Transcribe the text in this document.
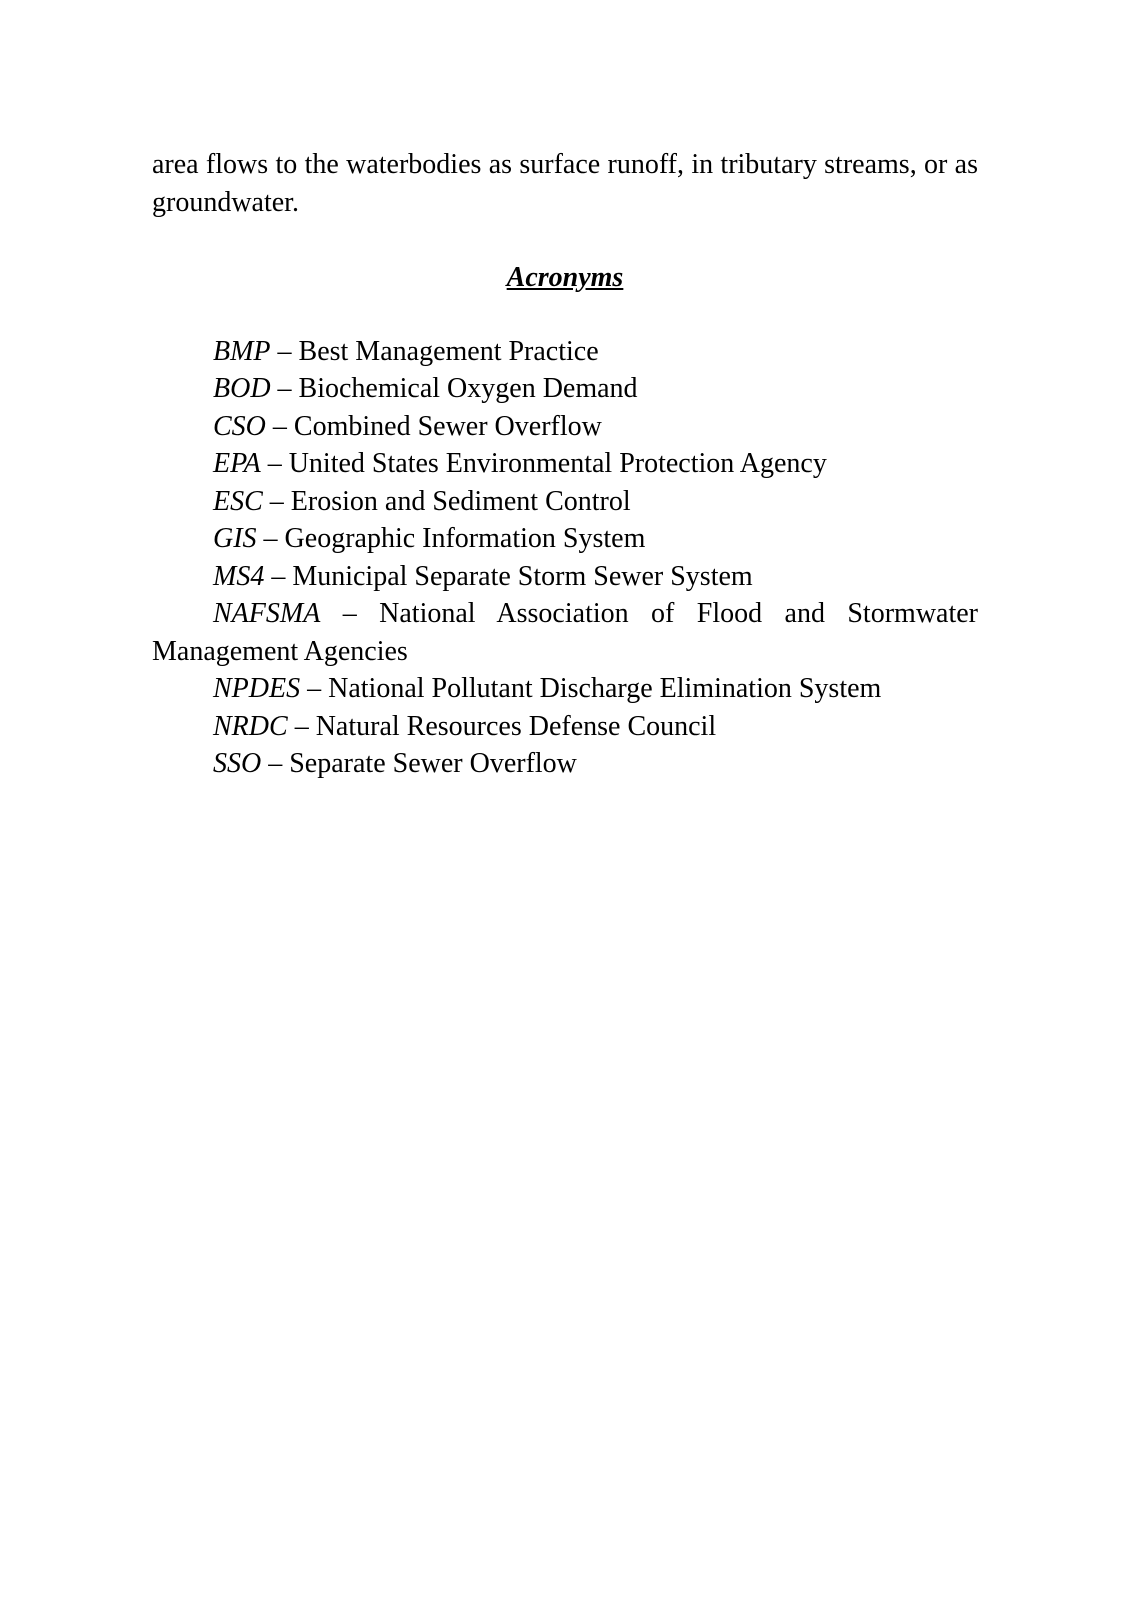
area flows to the waterbodies as surface runoff, in tributary streams, or as groundwater.

Acronyms
BMP – Best Management Practice
BOD – Biochemical Oxygen Demand
CSO – Combined Sewer Overflow
EPA – United States Environmental Protection Agency
ESC – Erosion and Sediment Control
GIS – Geographic Information System
MS4 – Municipal Separate Storm Sewer System
NAFSMA – National Association of Flood and Stormwater Management Agencies
NPDES – National Pollutant Discharge Elimination System
NRDC – Natural Resources Defense Council
SSO – Separate Sewer Overflow
